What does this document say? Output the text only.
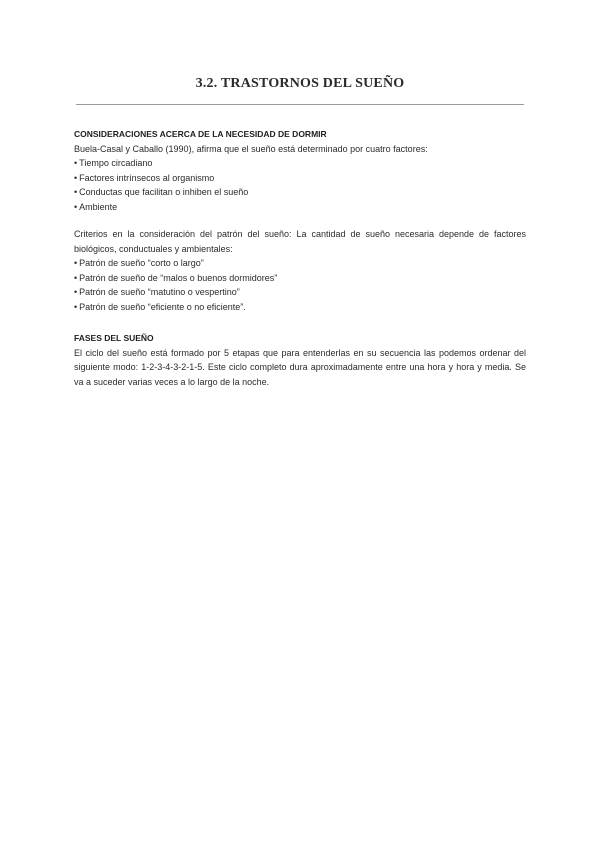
3.2. TRASTORNOS DEL SUEÑO
CONSIDERACIONES ACERCA DE LA NECESIDAD DE DORMIR

Buela-Casal y Caballo (1990), afirma que el sueño está determinado por cuatro factores:

• Tiempo circadiano
• Factores intrínsecos al organismo
• Conductas que facilitan o inhiben el sueño
• Ambiente

Criterios en la consideración del patrón del sueño: La cantidad de sueño necesaria depende de factores biológicos, conductuales y ambientales:

• Patrón de sueño “corto o largo”
• Patrón de sueño de “malos o buenos dormidores”
• Patrón de sueño “matutino o vespertino”
• Patrón de sueño “eficiente o no eficiente”.
FASES DEL SUEÑO

El ciclo del sueño está formado por 5 etapas que para entenderlas en su secuencia las podemos ordenar del siguiente modo: 1-2-3-4-3-2-1-5. Este ciclo completo dura aproximadamente entre una hora y hora y media. Se va a suceder varias veces a lo largo de la noche.
